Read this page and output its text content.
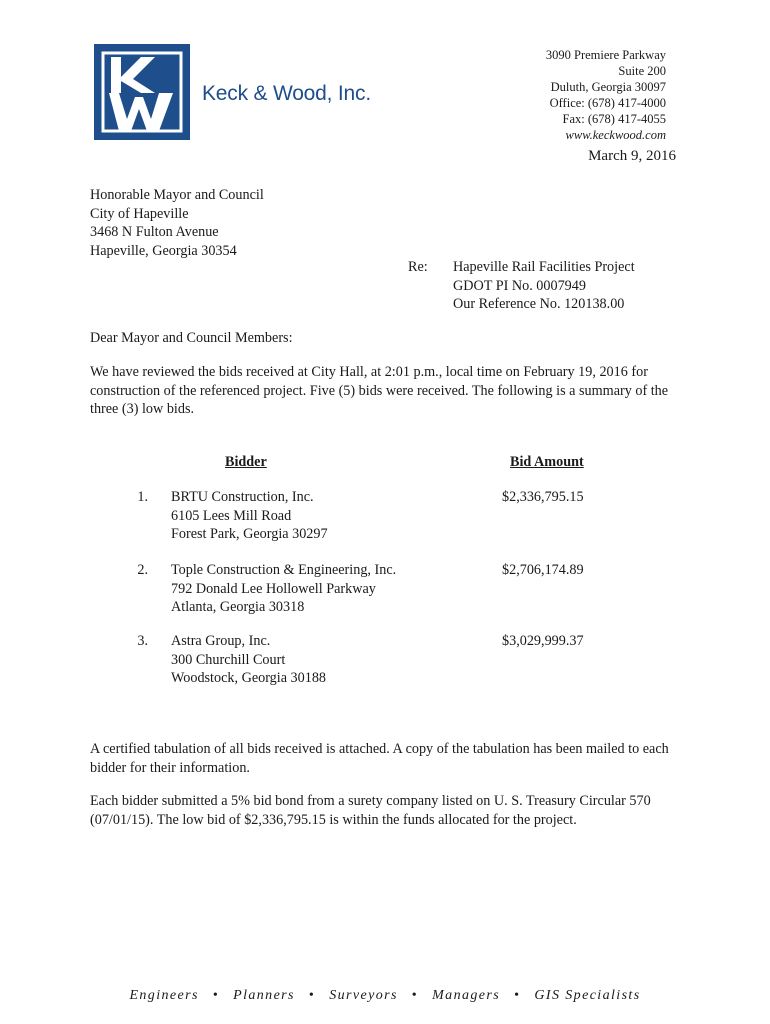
Keck & Wood, Inc.
3090 Premiere Parkway
Suite 200
Duluth, Georgia 30097
Office: (678) 417-4000
Fax: (678) 417-4055
www.keckwood.com
March 9, 2016
Honorable Mayor and Council
City of Hapeville
3468 N Fulton Avenue
Hapeville, Georgia 30354
Re: Hapeville Rail Facilities Project
GDOT PI No. 0007949
Our Reference No. 120138.00
Dear Mayor and Council Members:
We have reviewed the bids received at City Hall, at 2:01 p.m., local time on February 19, 2016 for construction of the referenced project. Five (5) bids were received. The following is a summary of the three (3) low bids.
Bidder	Bid Amount
1. BRTU Construction, Inc.
6105 Lees Mill Road
Forest Park, Georgia 30297
$2,336,795.15
2. Tople Construction & Engineering, Inc.
792 Donald Lee Hollowell Parkway
Atlanta, Georgia 30318
$2,706,174.89
3. Astra Group, Inc.
300 Churchill Court
Woodstock, Georgia 30188
$3,029,999.37
A certified tabulation of all bids received is attached. A copy of the tabulation has been mailed to each bidder for their information.
Each bidder submitted a 5% bid bond from a surety company listed on U. S. Treasury Circular 570 (07/01/15). The low bid of $2,336,795.15 is within the funds allocated for the project.
Engineers • Planners • Surveyors • Managers • GIS Specialists
